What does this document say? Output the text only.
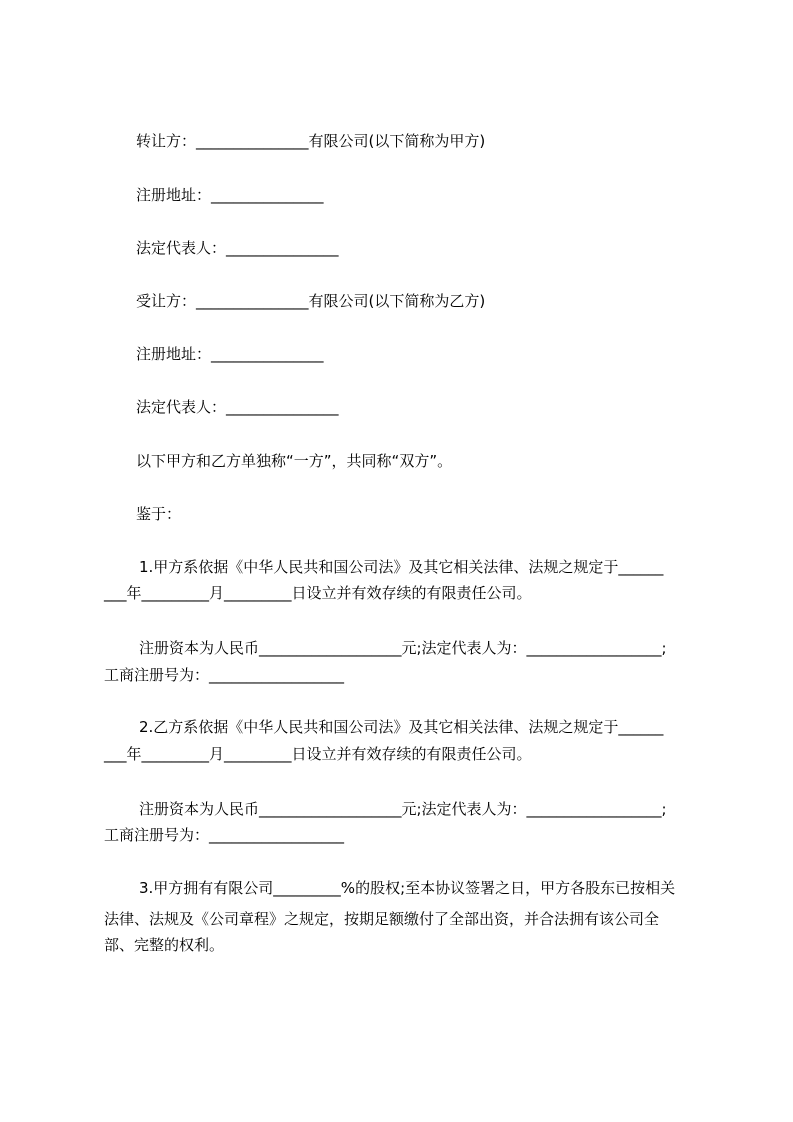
转让方：_______________有限公司(以下简称为甲方)
注册地址：_______________
法定代表人：_______________
受让方：_______________有限公司(以下简称为乙方)
注册地址：_______________
法定代表人：_______________
以下甲方和乙方单独称“一方”，共同称“双方”。
鉴于：
1.甲方系依据《中华人民共和国公司法》及其它相关法律、法规之规定于______
___年_________月_________日设立并有效存续的有限责任公司。
注册资本为人民币___________________元;法定代表人为：__________________;
工商注册号为：__________________
2.乙方系依据《中华人民共和国公司法》及其它相关法律、法规之规定于______
___年_________月_________日设立并有效存续的有限责任公司。
注册资本为人民币___________________元;法定代表人为：__________________;
工商注册号为：__________________
3.甲方拥有有限公司_________%的股权;至本协议签署之日，甲方各股东已按相关
法律、法规及《公司章程》之规定，按期足额缴付了全部出资，并合法拥有该公司全
部、完整的权利。
